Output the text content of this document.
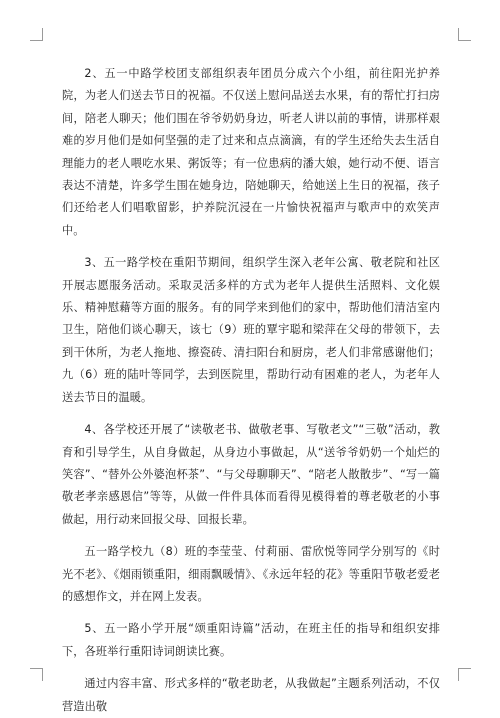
2、五一中路学校团支部组织表年团员分成六个小组，前往阳光护养院，为老人们送去节日的祝福。不仅送上慰问品送去水果，有的帮忙打扫房间，陪老人聊天；他们围在爷爷奶奶身边，听老人讲以前的事情，讲那样艰难的岁月他们是如何坚强的走了过来和点点滴滴，有的学生还给失去生活自理能力的老人喂吃水果、粥饭等；有一位患病的潘大娘，她行动不便、语言表达不清楚，许多学生围在她身边，陪她聊天，给她送上生日的祝福，孩子们还给老人们唱歌留影，护养院沉浸在一片愉快祝福声与歌声中的欢笑声中。

3、五一路学校在重阳节期间，组织学生深入老年公寓、敬老院和社区开展志愿服务活动。采取灵活多样的方式为老年人提供生活照料、文化娱乐、精神慰藉等方面的服务。有的同学来到他们的家中，帮助他们清洁室内卫生，陪他们谈心聊天，该七（9）班的覃宇聪和梁萍在父母的带领下，去到干休所，为老人拖地、擦瓷砖、清扫阳台和厨房，老人们非常感谢他们；九（6）班的陆叶等同学，去到医院里，帮助行动有困难的老人，为老年人送去节日的温暖。

4、各学校还开展了“读敬老书、做敬老事、写敬老文”“三敬”活动，教育和引导学生，从自身做起，从身边小事做起，从“送爷爷奶奶一个灿烂的笑容”、“替外公外婆泡杯茶”、“与父母聊聊天”、“陪老人散散步”、“写一篇敬老孝亲感恩信”等等，从做一件件具体而看得见模得着的尊老敬老的小事做起，用行动来回报父母、回报长辈。

五一路学校九（8）班的李莹莹、付莉丽、雷欣悦等同学分别写的《时光不老》、《烟雨锁重阳，细雨飘暖情》、《永远年轻的花》等重阳节敬老爱老的感想作文，并在网上发表。

5、五一路小学开展“颂重阳诗篇”活动，在班主任的指导和组织安排下，各班举行重阳诗词朗读比赛。

通过内容丰富、形式多样的“敬老助老，从我做起”主题系列活动，不仅营造出敬
